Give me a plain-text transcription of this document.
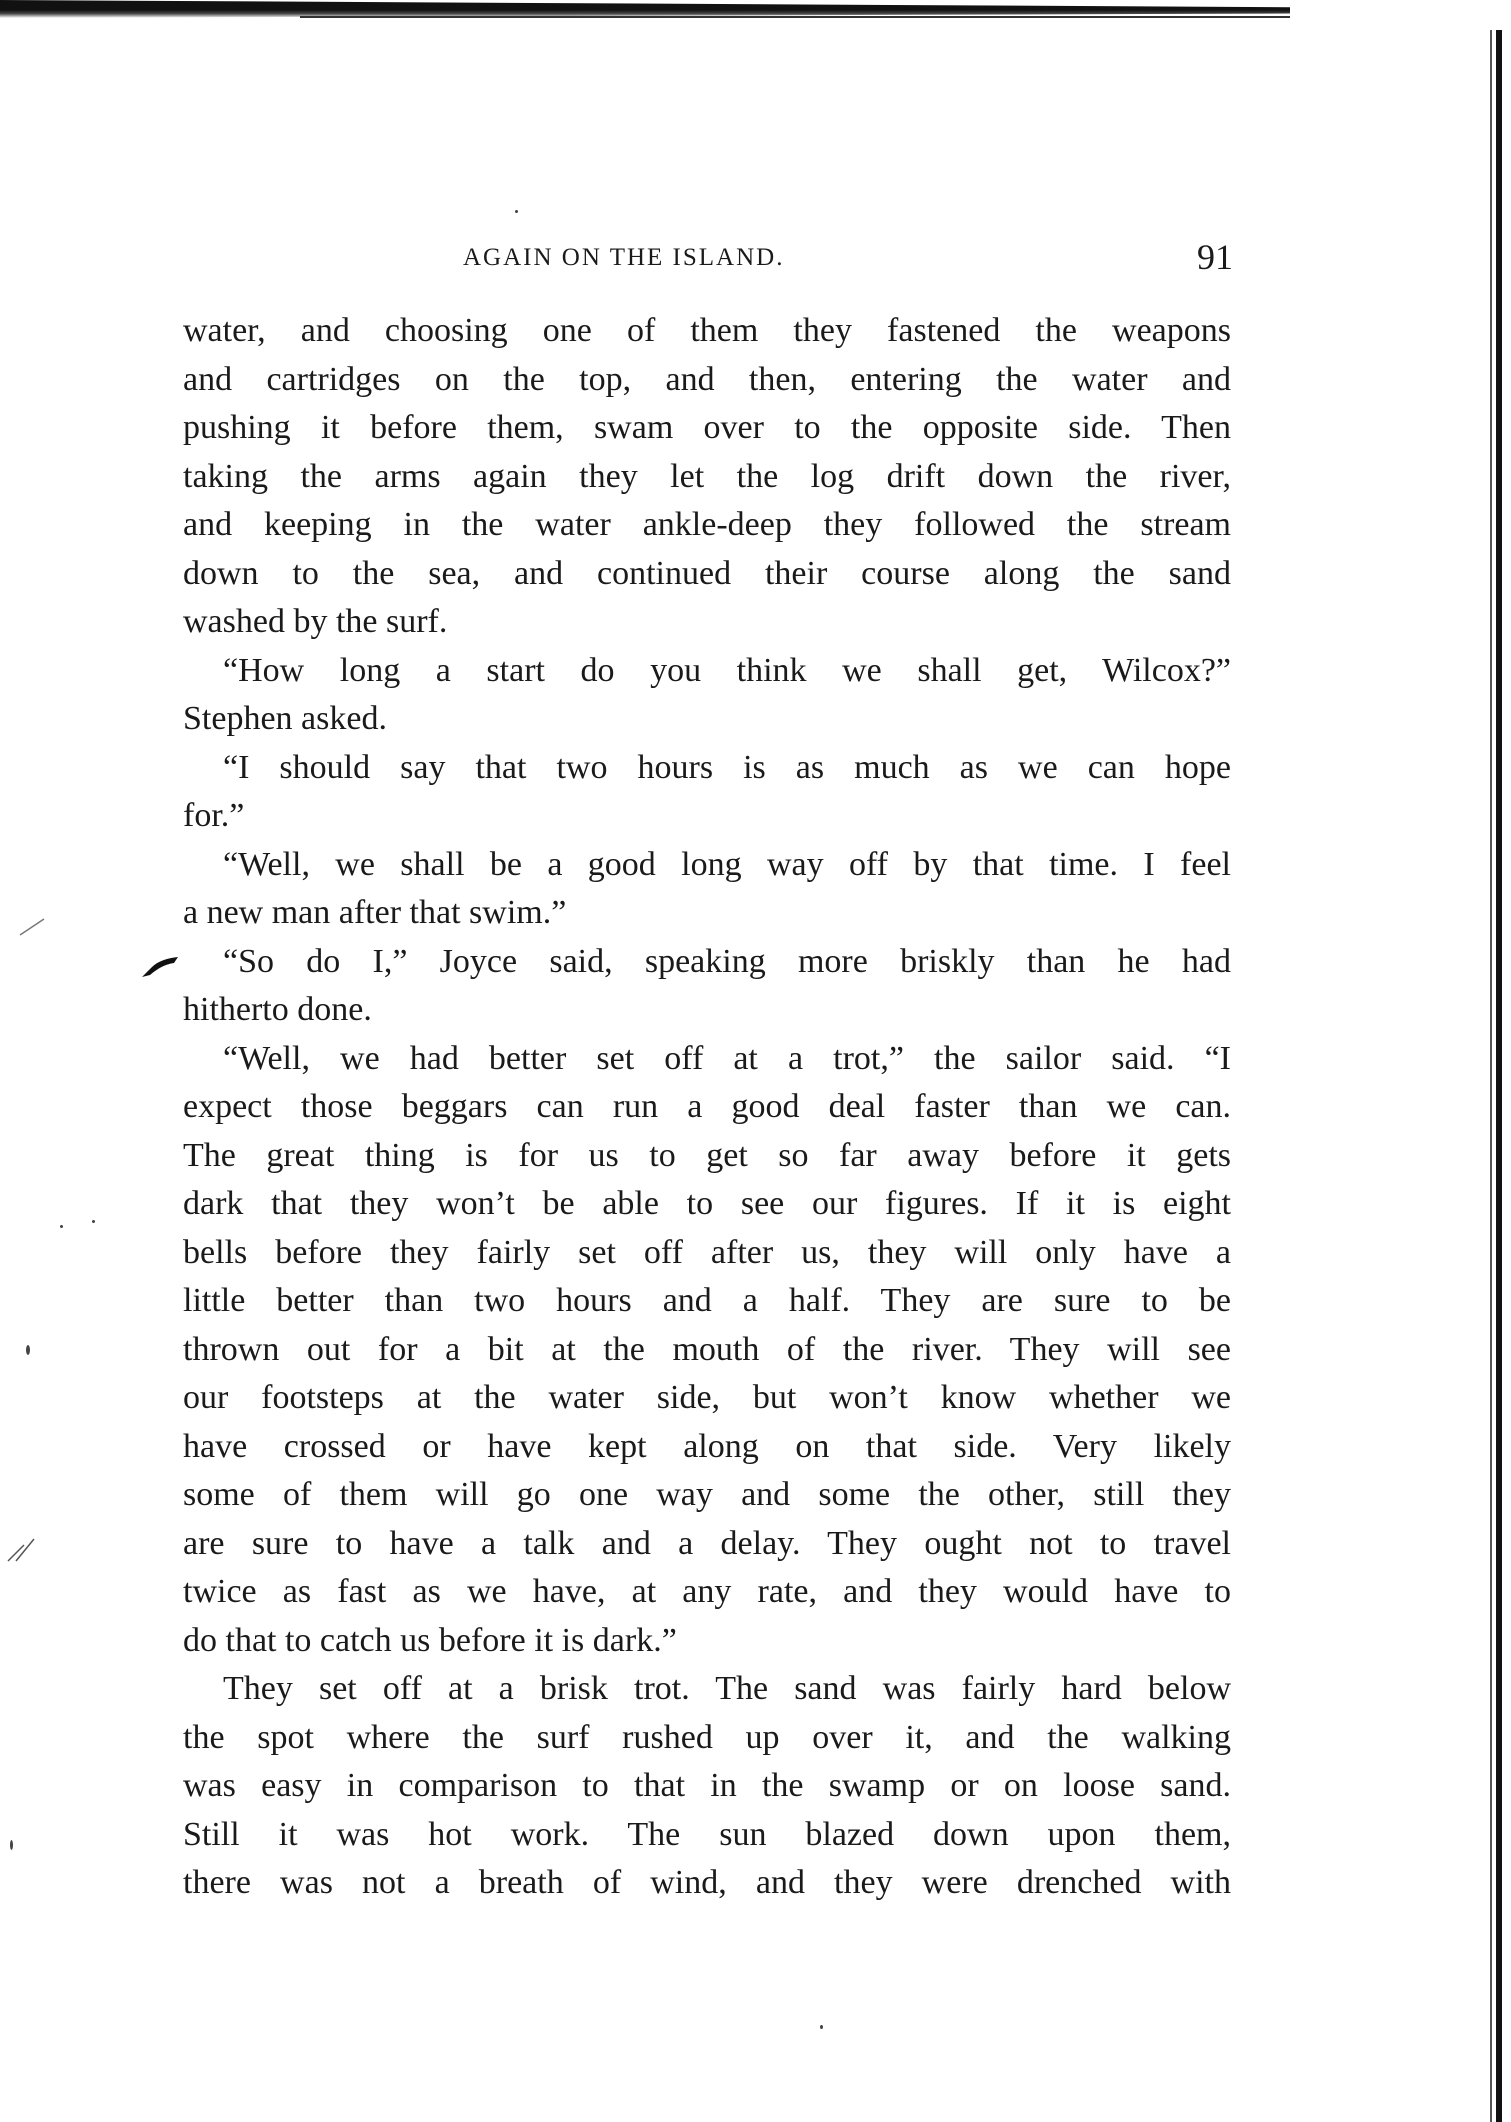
AGAIN ON THE ISLAND.	91
water, and choosing one of them they fastened the weapons
and cartridges on the top, and then, entering the water and
pushing it before them, swam over to the opposite side. Then
taking the arms again they let the log drift down the river,
and keeping in the water ankle-deep they followed the stream
down to the sea, and continued their course along the sand
washed by the surf.
“How long a start do you think we shall get, Wilcox?”
Stephen asked.
“I should say that two hours is as much as we can hope
for.”
“Well, we shall be a good long way off by that time. I feel
a new man after that swim.”
“So do I,” Joyce said, speaking more briskly than he had
hitherto done.
“Well, we had better set off at a trot,” the sailor said. “I
expect those beggars can run a good deal faster than we can.
The great thing is for us to get so far away before it gets
dark that they won’t be able to see our figures. If it is eight
bells before they fairly set off after us, they will only have a
little better than two hours and a half. They are sure to be
thrown out for a bit at the mouth of the river. They will see
our footsteps at the water side, but won’t know whether we
have crossed or have kept along on that side. Very likely
some of them will go one way and some the other, still they
are sure to have a talk and a delay. They ought not to travel
twice as fast as we have, at any rate, and they would have to
do that to catch us before it is dark.”
They set off at a brisk trot. The sand was fairly hard below
the spot where the surf rushed up over it, and the walking
was easy in comparison to that in the swamp or on loose sand.
Still it was hot work. The sun blazed down upon them,
there was not a breath of wind, and they were drenched with
